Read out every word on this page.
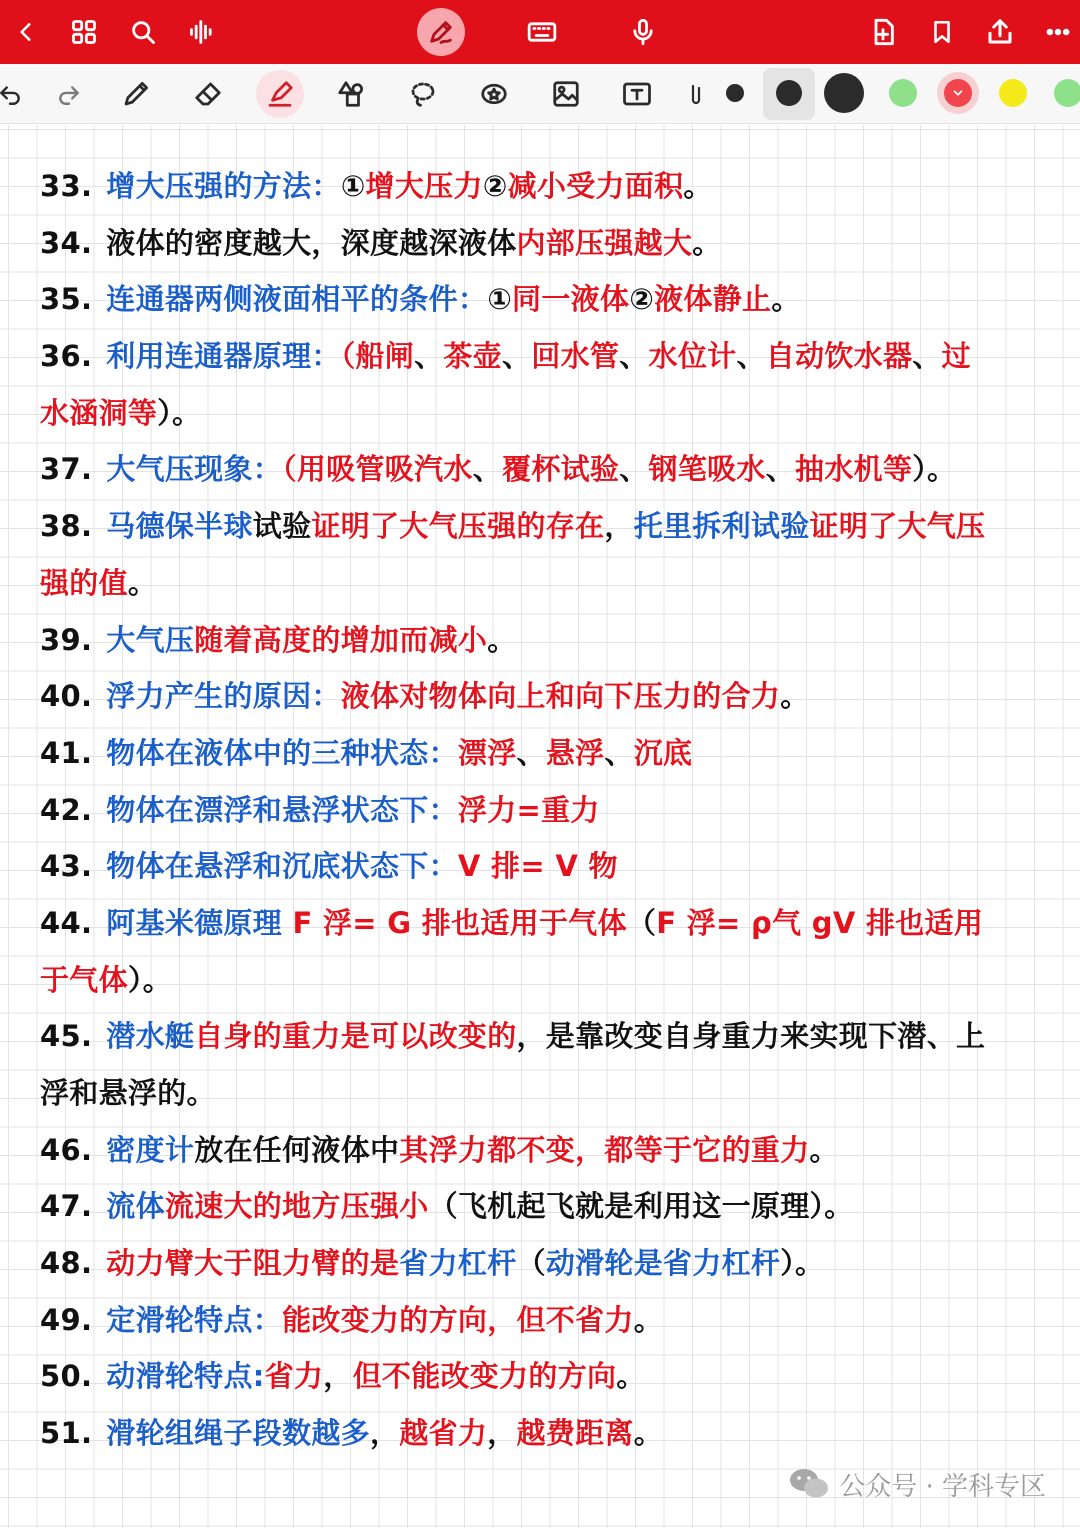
33. 增大压强的方法：①增大压力②减小受力面积。
34. 液体的密度越大，深度越深液体内部压强越大。
35. 连通器两侧液面相平的条件：①同一液体②液体静止。
36. 利用连通器原理：（船闸、茶壶、回水管、水位计、自动饮水器、过
水涵洞等）。
37. 大气压现象：（用吸管吸汽水、覆杯试验、钢笔吸水、抽水机等）。
38. 马德保半球试验证明了大气压强的存在，托里拆利试验证明了大气压
强的值。
39. 大气压随着高度的增加而减小。
40. 浮力产生的原因：液体对物体向上和向下压力的合力。
41. 物体在液体中的三种状态：漂浮、悬浮、沉底
42. 物体在漂浮和悬浮状态下：浮力=重力
43. 物体在悬浮和沉底状态下：V 排= V 物
44. 阿基米德原理 F 浮= G 排也适用于气体（F 浮= ρ气 gV 排也适用
于气体）。
45. 潜水艇自身的重力是可以改变的，是靠改变自身重力来实现下潜、上
浮和悬浮的。
46. 密度计放在任何液体中其浮力都不变，都等于它的重力。
47. 流体流速大的地方压强小（飞机起飞就是利用这一原理）。
48. 动力臂大于阻力臂的是省力杠杆（动滑轮是省力杠杆）。
49. 定滑轮特点：能改变力的方向，但不省力。
50. 动滑轮特点:省力，但不能改变力的方向。
51. 滑轮组绳子段数越多，越省力，越费距离。
公众号 · 学科专区
